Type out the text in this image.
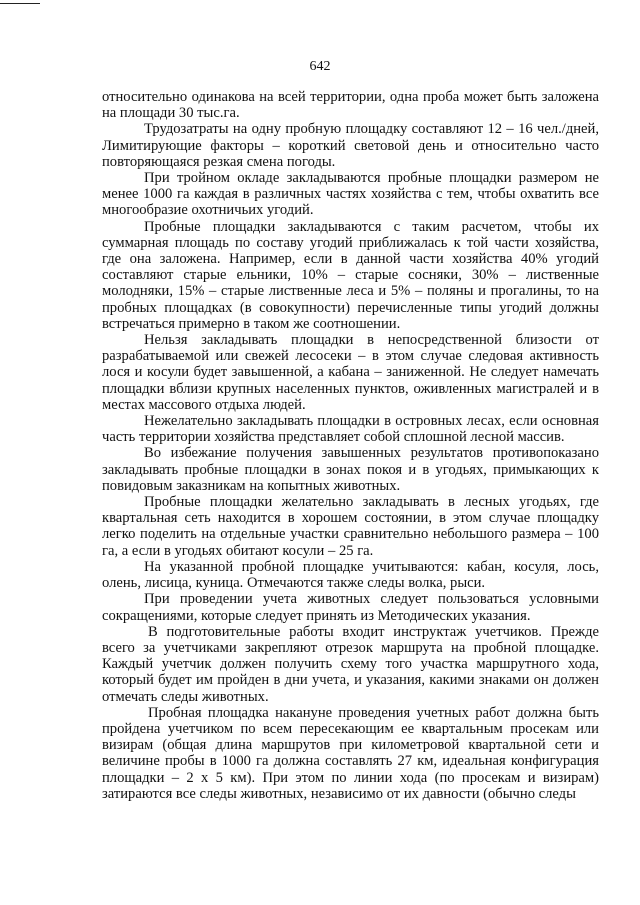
642

относительно одинакова на всей территории, одна проба может быть заложена на площади 30 тыс.га.

Трудозатраты на одну пробную площадку составляют 12 – 16 чел./дней, Лимитирующие факторы – короткий световой день и относительно часто повторяющаяся резкая смена погоды.

При тройном окладе закладываются пробные площадки размером не менее 1000 га каждая в различных частях хозяйства с тем, чтобы охватить все многообразие охотничьих угодий.

Пробные площадки закладываются с таким расчетом, чтобы их суммарная площадь по составу угодий приближалась к той части хозяйства, где она заложена. Например, если в данной части хозяйства 40% угодий составляют старые ельники, 10% – старые сосняки, 30% – лиственные молодняки, 15% – старые лиственные леса и 5% – поляны и прогалины, то на пробных площадках (в совокупности) перечисленные типы угодий должны встречаться примерно в таком же соотношении.

Нельзя закладывать площадки в непосредственной близости от разрабатываемой или свежей лесосеки – в этом случае следовая активность лося и косули будет завышенной, а кабана – заниженной. Не следует намечать площадки вблизи крупных населенных пунктов, оживленных магистралей и в местах массового отдыха людей.

Нежелательно закладывать площадки в островных лесах, если основная часть территории хозяйства представляет собой сплошной лесной массив.

Во избежание получения завышенных результатов противопоказано закладывать пробные площадки в зонах покоя и в угодьях, примыкающих к повидовым заказникам на копытных животных.

Пробные площадки желательно закладывать в лесных угодьях, где квартальная сеть находится в хорошем состоянии, в этом случае площадку легко поделить на отдельные участки сравнительно небольшого размера – 100 га, а если в угодьях обитают косули – 25 га.

На указанной пробной площадке учитываются: кабан, косуля, лось, олень, лисица, куница. Отмечаются также следы волка, рыси.

При проведении учета животных следует пользоваться условными сокращениями, которые следует принять из Методических указания.

В подготовительные работы входит инструктаж учетчиков. Прежде всего за учетчиками закрепляют отрезок маршрута на пробной площадке. Каждый учетчик должен получить схему того участка маршрутного хода, который будет им пройден в дни учета, и указания, какими знаками он должен отмечать следы животных.

Пробная площадка накануне проведения учетных работ должна быть пройдена учетчиком по всем пересекающим ее квартальным просекам или визирам (общая длина маршрутов при километровой квартальной сети и величине пробы в 1000 га должна составлять 27 км, идеальная конфигурация площадки – 2 х 5 км). При этом по линии хода (по просекам и визирам) затираются все следы животных, независимо от их давности (обычно следы
